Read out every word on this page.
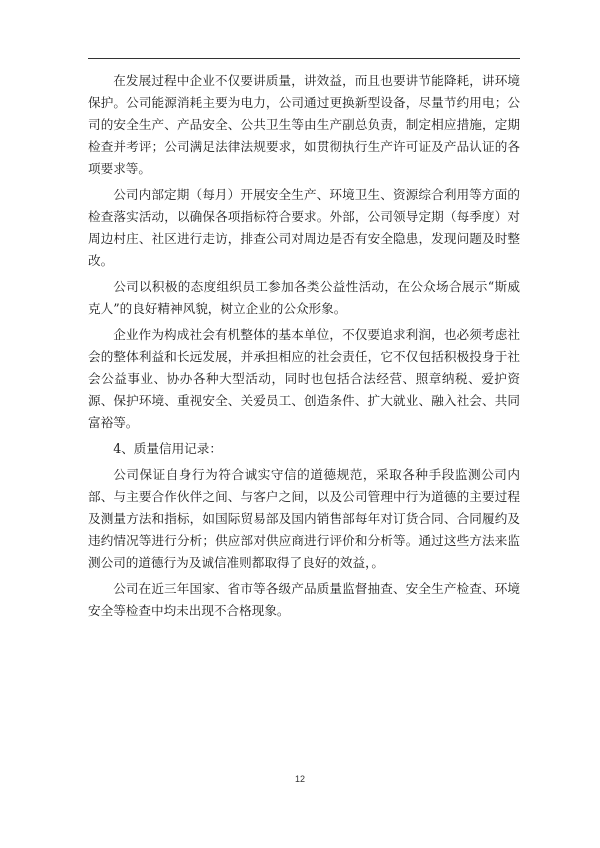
在发展过程中企业不仅要讲质量，讲效益，而且也要讲节能降耗，讲环境保护。公司能源消耗主要为电力，公司通过更换新型设备，尽量节约用电；公司的安全生产、产品安全、公共卫生等由生产副总负责，制定相应措施，定期检查并考评；公司满足法律法规要求，如贯彻执行生产许可证及产品认证的各项要求等。

公司内部定期（每月）开展安全生产、环境卫生、资源综合利用等方面的检查落实活动，以确保各项指标符合要求。外部，公司领导定期（每季度）对周边村庄、社区进行走访，排查公司对周边是否有安全隐患，发现问题及时整改。

公司以积极的态度组织员工参加各类公益性活动，在公众场合展示“斯威克人”的良好精神风貌，树立企业的公众形象。

企业作为构成社会有机整体的基本单位，不仅要追求利润，也必须考虑社会的整体利益和长远发展，并承担相应的社会责任，它不仅包括积极投身于社会公益事业、协办各种大型活动，同时也包括合法经营、照章纳税、爱护资源、保护环境、重视安全、关爱员工、创造条件、扩大就业、融入社会、共同富裕等。

4、质量信用记录：

公司保证自身行为符合诚实守信的道德规范，采取各种手段监测公司内部、与主要合作伙伴之间、与客户之间，以及公司管理中行为道德的主要过程及测量方法和指标，如国际贸易部及国内销售部每年对订货合同、合同履约及违约情况等进行分析；供应部对供应商进行评价和分析等。通过这些方法来监测公司的道德行为及诚信准则都取得了良好的效益，。

公司在近三年国家、省市等各级产品质量监督抽查、安全生产检查、环境安全等检查中均未出现不合格现象。

12
